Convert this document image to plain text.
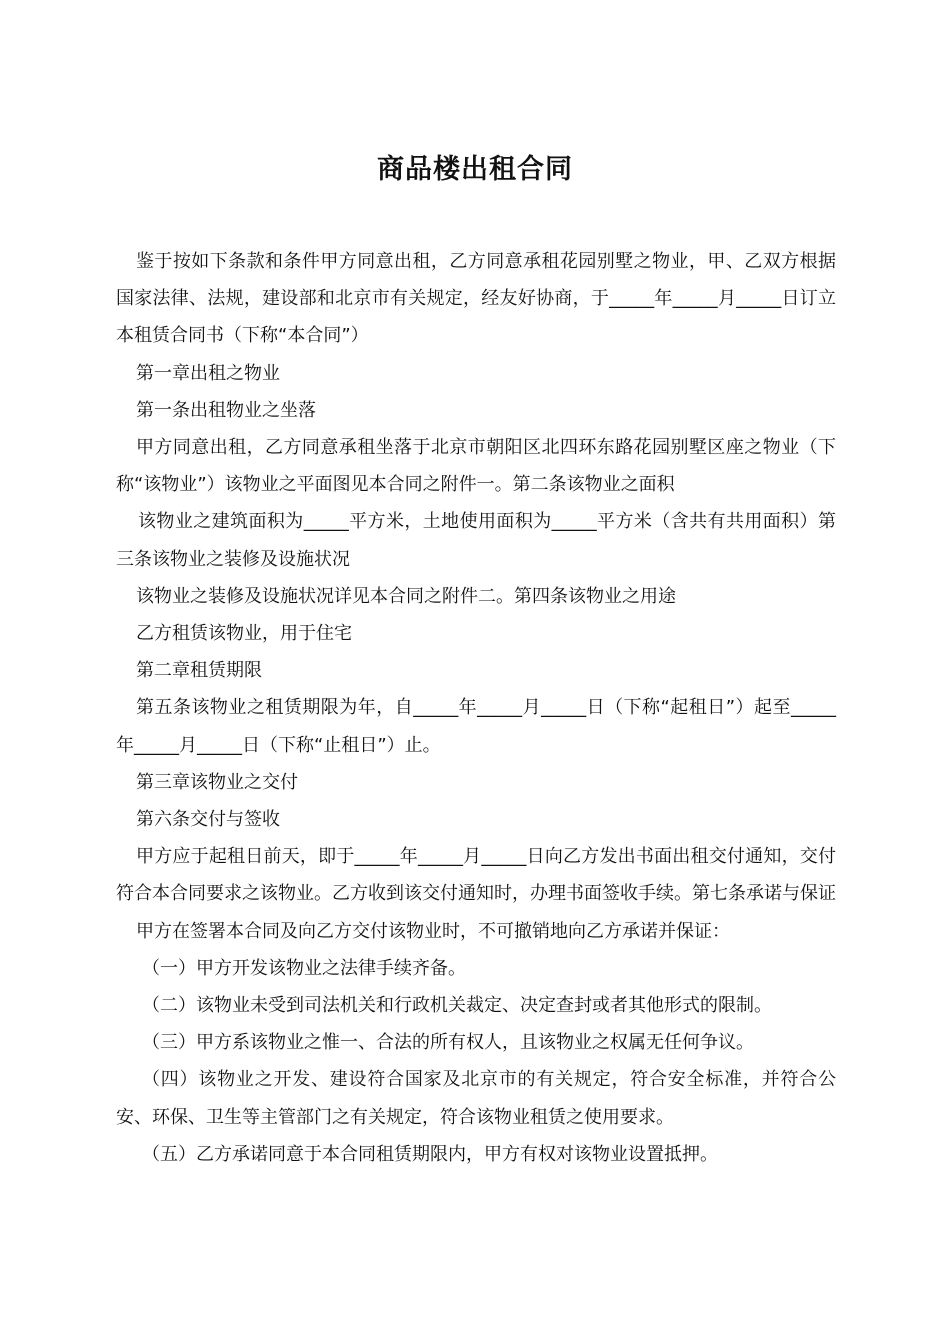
商品楼出租合同

鉴于按如下条款和条件甲方同意出租，乙方同意承租花园别墅之物业，甲、乙双方根据国家法律、法规，建设部和北京市有关规定，经友好协商，于_____年_____月_____日订立本租赁合同书（下称“本合同”）

第一章出租之物业

第一条出租物业之坐落

甲方同意出租，乙方同意承租坐落于北京市朝阳区北四环东路花园别墅区座之物业（下称“该物业”）该物业之平面图见本合同之附件一。第二条该物业之面积

该物业之建筑面积为_____平方米，土地使用面积为_____平方米（含共有共用面积）第三条该物业之装修及设施状况

该物业之装修及设施状况详见本合同之附件二。第四条该物业之用途

乙方租赁该物业，用于住宅

第二章租赁期限

第五条该物业之租赁期限为年，自_____年_____月_____日（下称“起租日”）起至_____年_____月_____日（下称“止租日”）止。

第三章该物业之交付

第六条交付与签收

甲方应于起租日前天，即于_____年_____月_____日向乙方发出书面出租交付通知，交付符合本合同要求之该物业。乙方收到该交付通知时，办理书面签收手续。第七条承诺与保证

甲方在签署本合同及向乙方交付该物业时，不可撤销地向乙方承诺并保证：

（一）甲方开发该物业之法律手续齐备。

（二）该物业未受到司法机关和行政机关裁定、决定查封或者其他形式的限制。

（三）甲方系该物业之惟一、合法的所有权人，且该物业之权属无任何争议。

（四）该物业之开发、建设符合国家及北京市的有关规定，符合安全标准，并符合公安、环保、卫生等主管部门之有关规定，符合该物业租赁之使用要求。

（五）乙方承诺同意于本合同租赁期限内，甲方有权对该物业设置抵押。
